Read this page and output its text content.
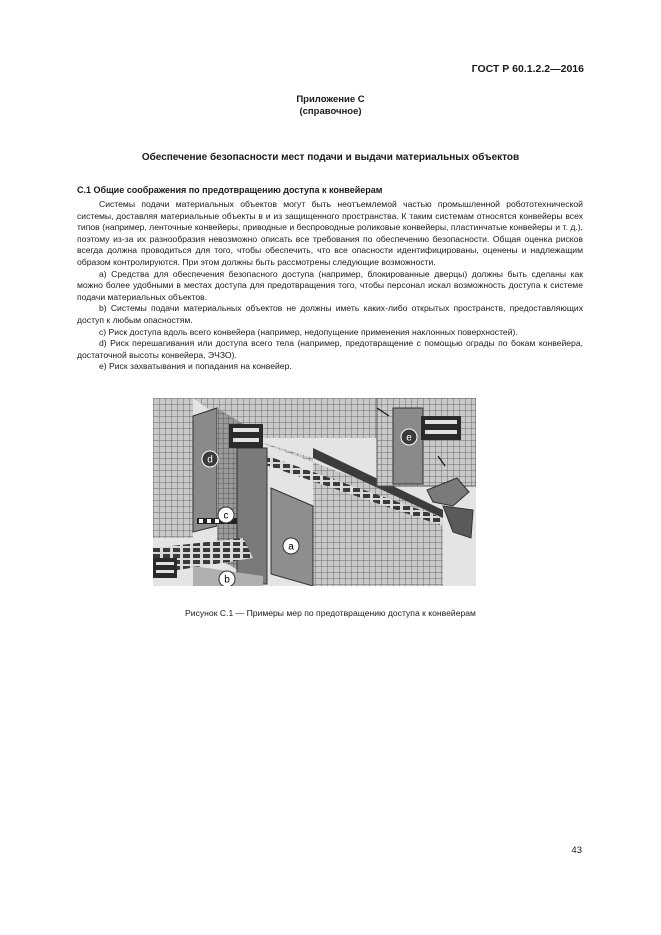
ГОСТ Р 60.1.2.2—2016
Приложение С
(справочное)
Обеспечение безопасности мест подачи и выдачи материальных объектов
С.1 Общие соображения по предотвращению доступа к конвейерам

Системы подачи материальных объектов могут быть неотъемлемой частью промышленной робототехнической системы, доставляя материальные объекты в и из защищенного пространства. К таким системам относятся конвейеры всех типов (например, ленточные конвейеры, приводные и беспроводные роликовые конвейеры, пластинчатые конвейеры и т. д.), поэтому из-за их разнообразия невозможно описать все требования по обеспечению безопасности. Общая оценка рисков всегда должна проводиться для того, чтобы обеспечить, что все опасности идентифицированы, оценены и надлежащим образом контролируются. При этом должны быть рассмотрены следующие возможности.

а) Средства для обеспечения безопасного доступа (например, блокированные дверцы) должны быть сделаны как можно более удобными в местах доступа для предотвращения того, чтобы персонал искал возможность доступа к системе подачи материальных объектов.

b) Системы подачи материальных объектов не должны иметь каких-либо открытых пространств, предоставляющих доступ к любым опасностям.

с) Риск доступа вдоль всего конвейера (например, недопущение применения наклонных поверхностей).

d) Риск перешагивания или доступа всего тела (например, предотвращение с помощью ограды по бокам конвейера, достаточной высоты конвейера, ЭЧЗО).

е) Риск захватывания и попадания на конвейер.

d
c
a
b
e
Рисунок С.1 — Примеры мер по предотвращению доступа к конвейерам
43
